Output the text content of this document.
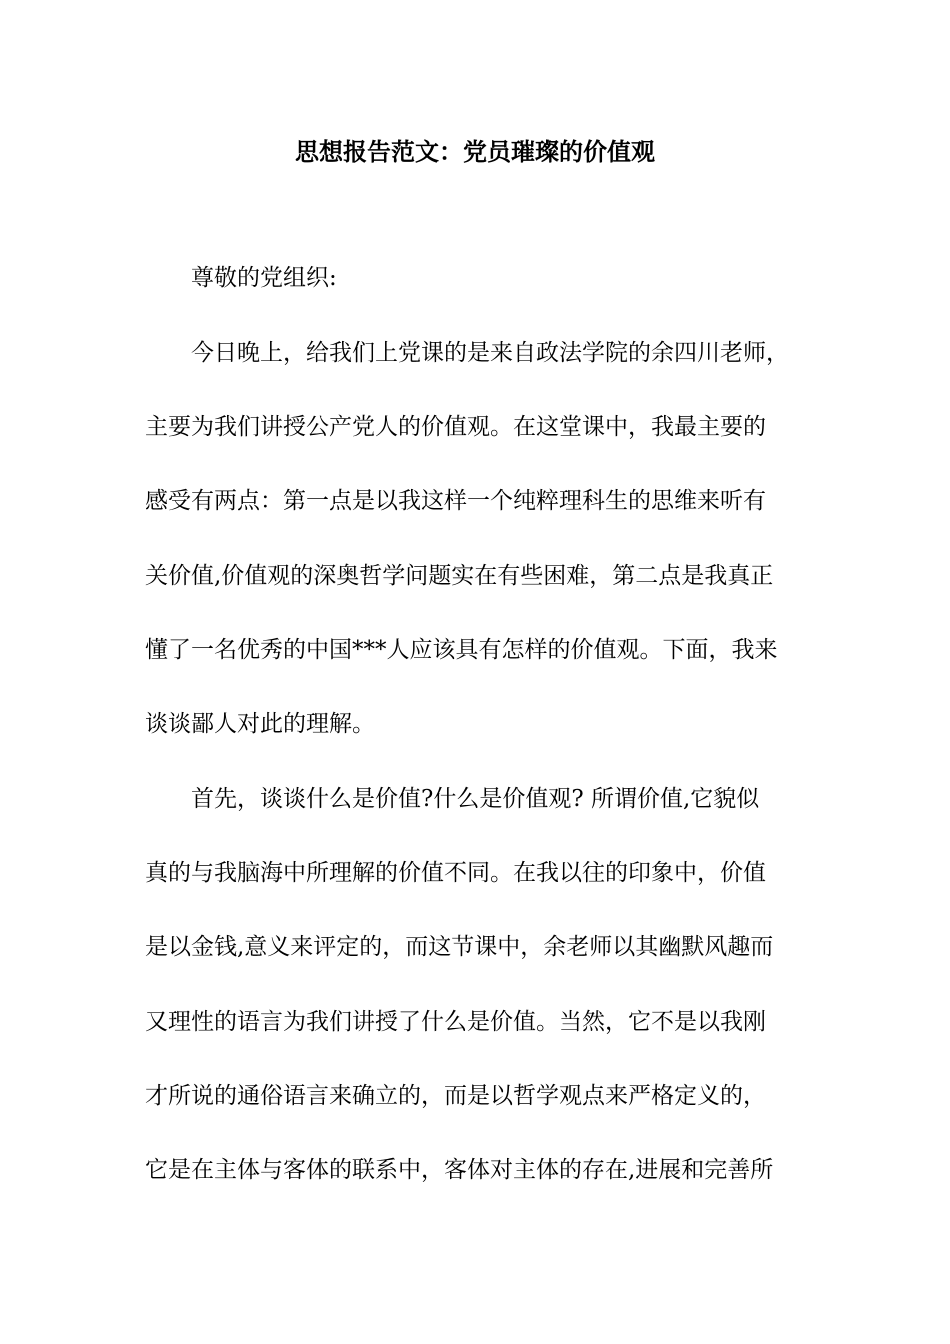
思想报告范文：党员璀璨的价值观
　　尊敬的党组织:
　　今日晚上，给我们上党课的是来自政法学院的余四川老师，
主要为我们讲授公产党人的价值观。在这堂课中，我最主要的
感受有两点：第一点是以我这样一个纯粹理科生的思维来听有
关价值,价值观的深奥哲学问题实在有些困难，第二点是我真正
懂了一名优秀的中国***人应该具有怎样的价值观。下面，我来
谈谈鄙人对此的理解。
　　首先，谈谈什么是价值?什么是价值观? 所谓价值,它貌似
真的与我脑海中所理解的价值不同。在我以往的印象中，价值
是以金钱,意义来评定的，而这节课中，余老师以其幽默风趣而
又理性的语言为我们讲授了什么是价值。当然，它不是以我刚
才所说的通俗语言来确立的，而是以哲学观点来严格定义的，
它是在主体与客体的联系中，客体对主体的存在,进展和完善所
